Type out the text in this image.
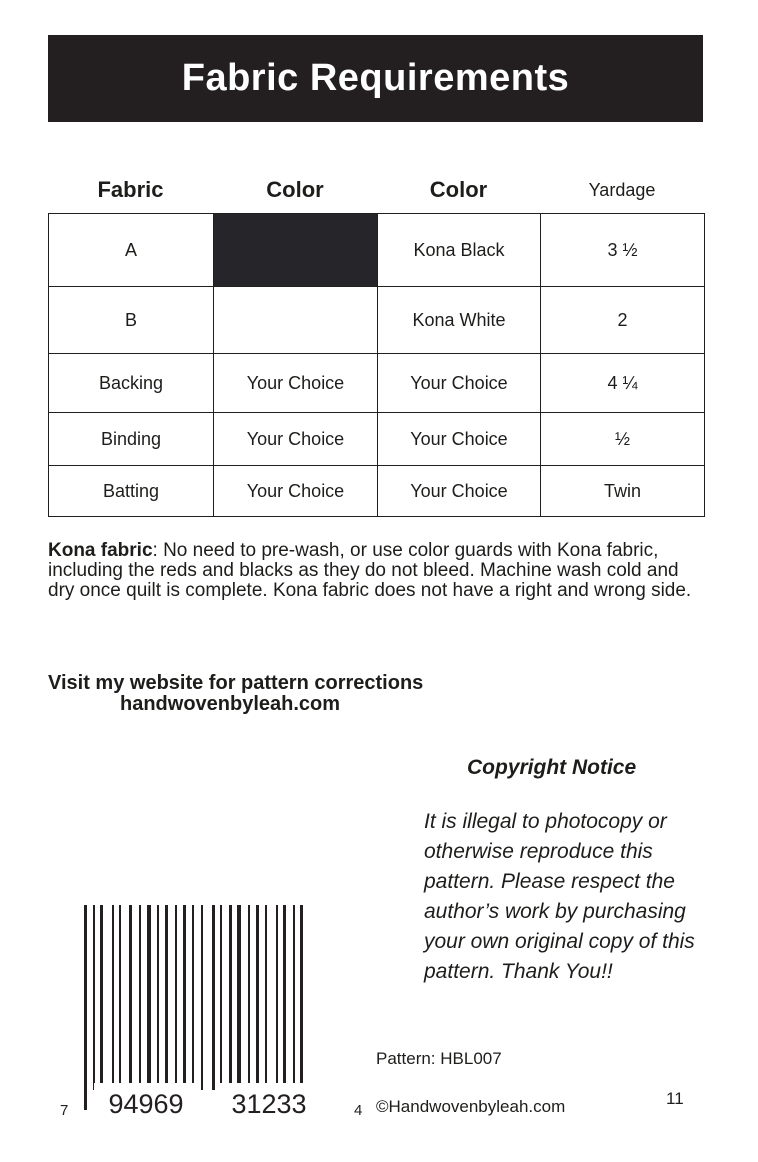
Fabric Requirements
Fabric	Color	Color	Yardage
A		Kona Black	3 ½
B		Kona White	2
Backing	Your Choice	Your Choice	4 ¼
Binding	Your Choice	Your Choice	½
Batting	Your Choice	Your Choice	Twin
Kona fabric: No need to pre-wash, or use color guards with Kona fabric, including the reds and blacks as they do not bleed. Machine wash cold and dry once quilt is complete. Kona fabric does not have a right and wrong side.
Visit my website for pattern corrections
handwovenbyleah.com
Copyright Notice
It is illegal to photocopy or otherwise reproduce this pattern. Please respect the author’s work by purchasing your own original copy of this pattern. Thank You!!
7 94969 31233	4
Pattern: HBL007
©Handwovenbyleah.com	11
